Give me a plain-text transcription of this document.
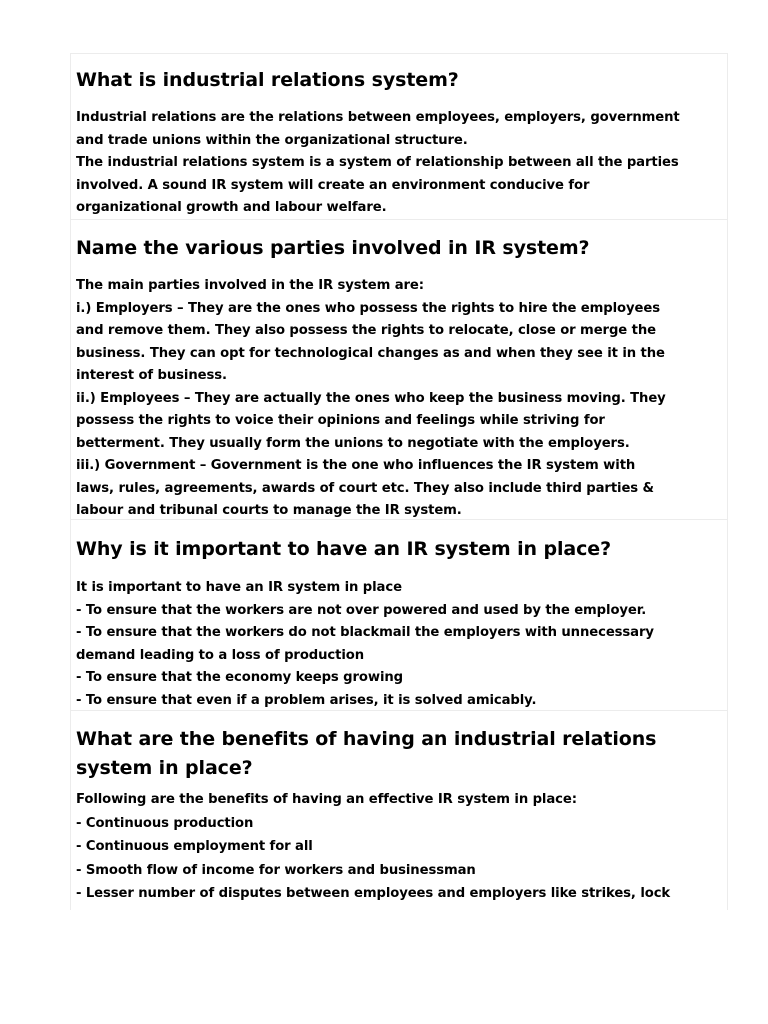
What is industrial relations system?

Industrial relations are the relations between employees, employers, government

and trade unions within the organizational structure.

The industrial relations system is a system of relationship between all the parties

involved. A sound IR system will create an environment conducive for

organizational growth and labour welfare.

Name the various parties involved in IR system?

The main parties involved in the IR system are:

i.) Employers – They are the ones who possess the rights to hire the employees

and remove them. They also possess the rights to relocate, close or merge the

business. They can opt for technological changes as and when they see it in the

interest of business.

ii.) Employees – They are actually the ones who keep the business moving. They

possess the rights to voice their opinions and feelings while striving for

betterment. They usually form the unions to negotiate with the employers.

iii.) Government – Government is the one who influences the IR system with

laws, rules, agreements, awards of court etc. They also include third parties &

labour and tribunal courts to manage the IR system.

Why is it important to have an IR system in place?

It is important to have an IR system in place

- To ensure that the workers are not over powered and used by the employer.

- To ensure that the workers do not blackmail the employers with unnecessary

demand leading to a loss of production

- To ensure that the economy keeps growing

- To ensure that even if a problem arises, it is solved amicably.

What are the benefits of having an industrial relations
system in place?

Following are the benefits of having an effective IR system in place:

- Continuous production

- Continuous employment for all

- Smooth flow of income for workers and businessman

- Lesser number of disputes between employees and employers like strikes, lock
